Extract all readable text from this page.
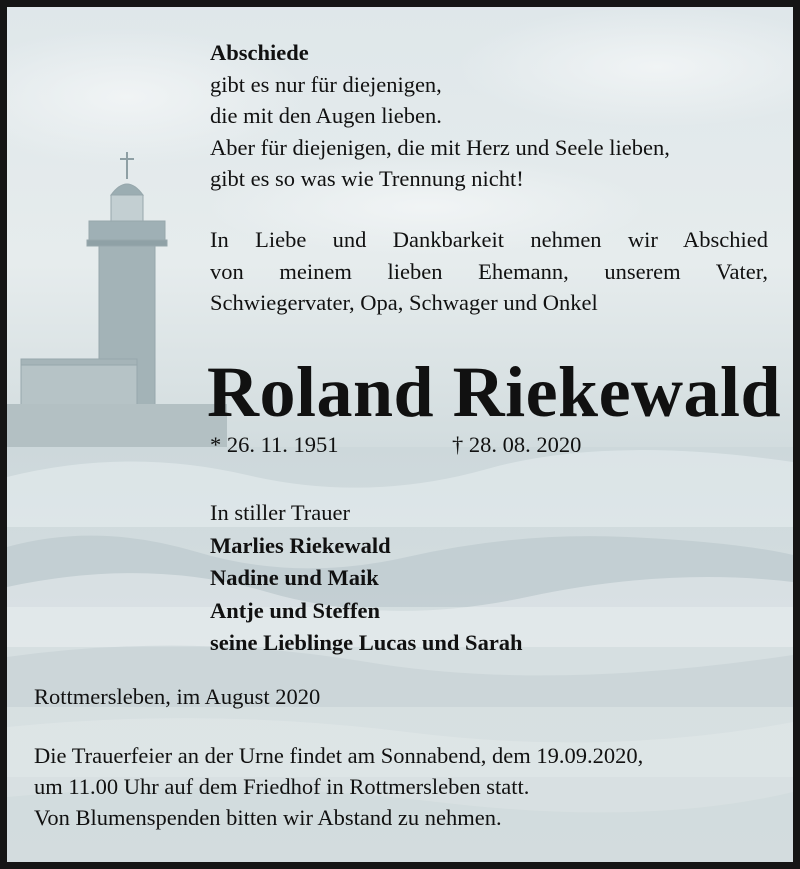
Abschiede
gibt es nur für diejenigen,
die mit den Augen lieben.
Aber für diejenigen, die mit Herz und Seele lieben,
gibt es so was wie Trennung nicht!
In Liebe und Dankbarkeit nehmen wir Abschied
von meinem lieben Ehemann, unserem Vater,
Schwiegervater, Opa, Schwager und Onkel
Roland Riekewald
* 26. 11. 1951	† 28. 08. 2020
In stiller Trauer
Marlies Riekewald
Nadine und Maik
Antje und Steffen
seine Lieblinge Lucas und Sarah
Rottmersleben, im August 2020
Die Trauerfeier an der Urne findet am Sonnabend, dem 19.09.2020,
um 11.00 Uhr auf dem Friedhof in Rottmersleben statt.
Von Blumenspenden bitten wir Abstand zu nehmen.
